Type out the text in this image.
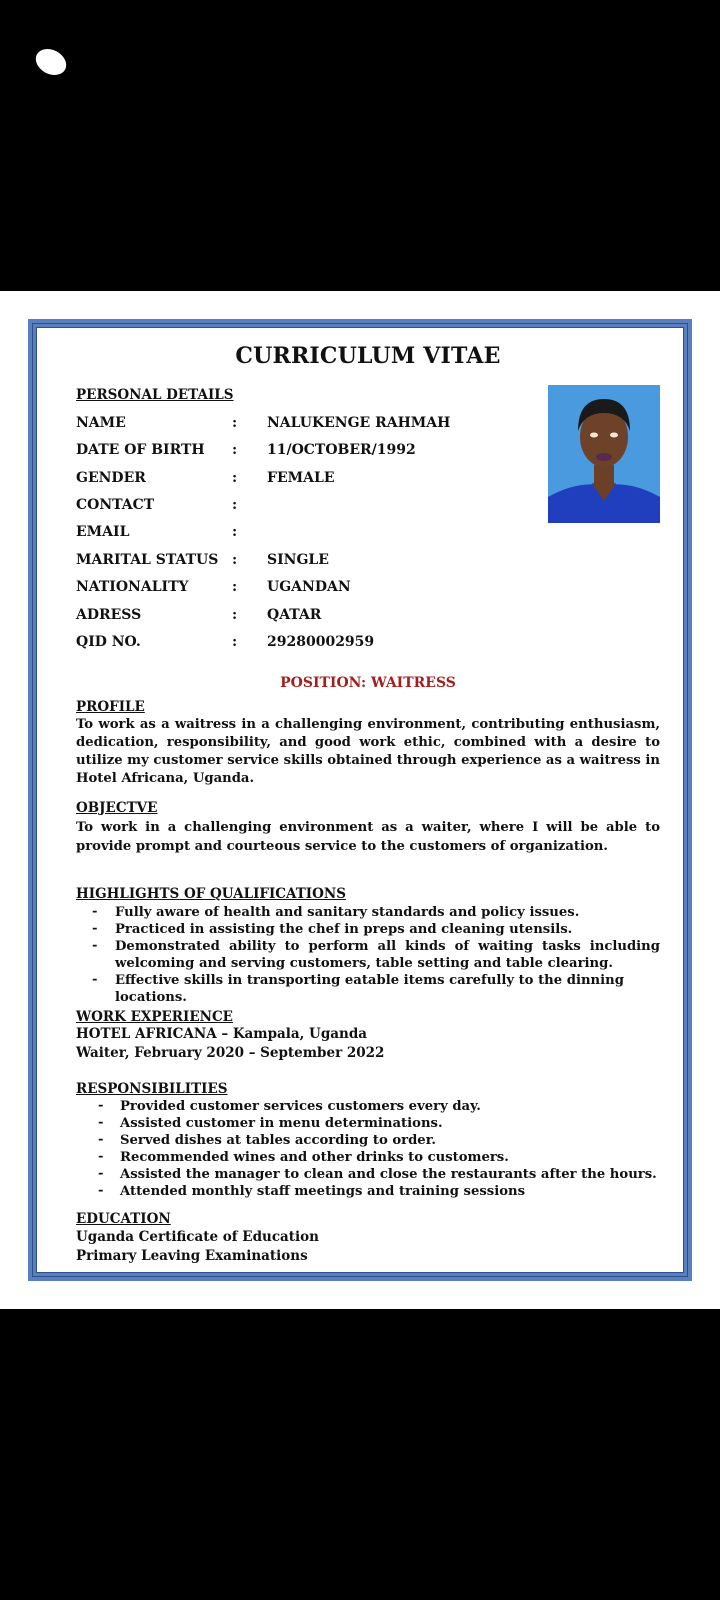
CURRICULUM VITAE
PERSONAL DETAILS
NAME	: NALUKENGE RAHMAH
DATE OF BIRTH : 11/OCTOBER/1992
GENDER	: FEMALE
CONTACT	:
EMAIL	:
MARITAL STATUS : SINGLE
NATIONALITY	: UGANDAN
ADRESS	: QATAR
QID NO.	: 29280002959
POSITION: WAITRESS
PROFILE
To work as a waitress in a challenging environment, contributing enthusiasm, dedication, responsibility, and good work ethic, combined with a desire to utilize my customer service skills obtained through experience as a waitress in Hotel Africana, Uganda.
OBJECTVE
To work in a challenging environment as a waiter, where I will be able to provide prompt and courteous service to the customers of organization.
HIGHLIGHTS OF QUALIFICATIONS
- Fully aware of health and sanitary standards and policy issues.
- Practiced in assisting the chef in preps and cleaning utensils.
- Demonstrated ability to perform all kinds of waiting tasks including welcoming and serving customers, table setting and table clearing.
- Effective skills in transporting eatable items carefully to the dinning locations.
WORK EXPERIENCE
HOTEL AFRICANA – Kampala, Uganda
Waiter, February 2020 – September 2022
RESPONSIBILITIES
- Provided customer services customers every day.
- Assisted customer in menu determinations.
- Served dishes at tables according to order.
- Recommended wines and other drinks to customers.
- Assisted the manager to clean and close the restaurants after the hours.
- Attended monthly staff meetings and training sessions
EDUCATION
Uganda Certificate of Education
Primary Leaving Examinations
